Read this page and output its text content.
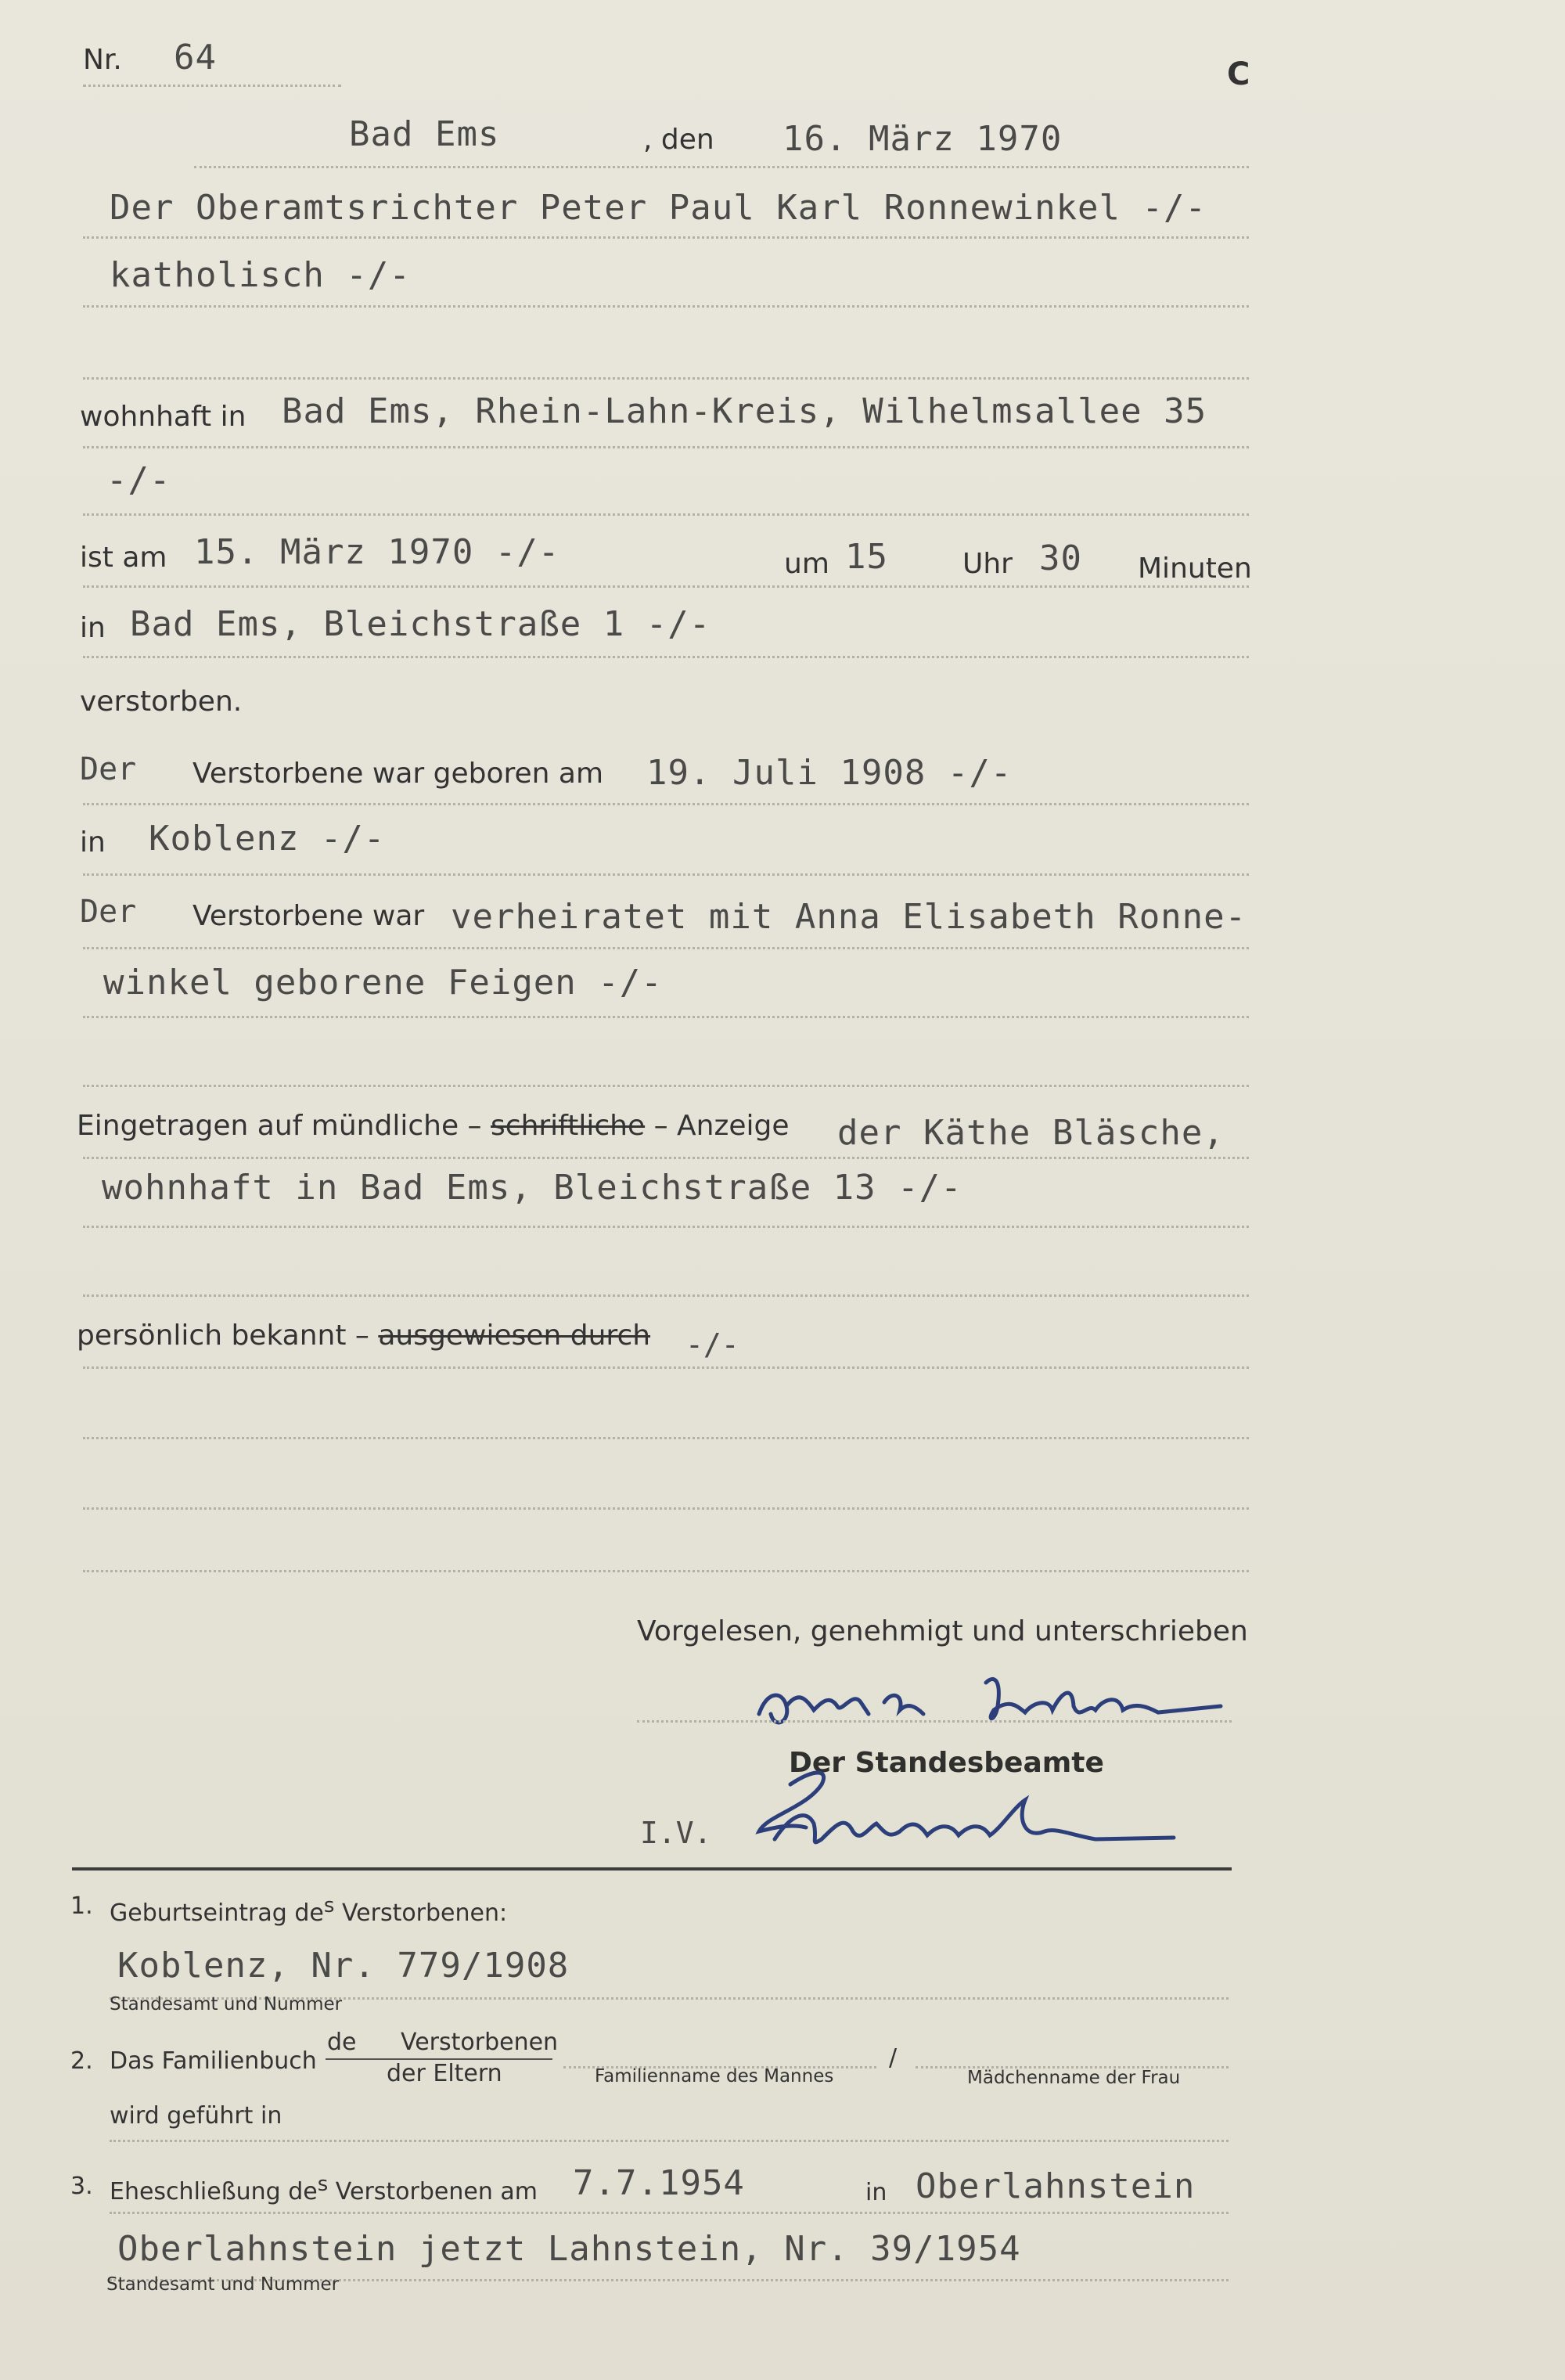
Nr. 64	C
Bad Ems	, den 16. März 1970
Der Oberamtsrichter Peter Paul Karl Ronnewinkel -/-
katholisch -/-
wohnhaft in Bad Ems, Rhein-Lahn-Kreis, Wilhelmsallee 35
-/-
ist am 15. März 1970 -/-	um 15	Uhr 30 Minuten
in Bad Ems, Bleichstraße 1 -/-
verstorben.
Der Verstorbene war geboren am 19. Juli 1908 -/-
in Koblenz -/-
Der Verstorbene war verheiratet mit Anna Elisabeth Ronne-
winkel geborene Feigen -/-
Eingetragen auf mündliche – schriftliche – Anzeige der Käthe Bläsche,
wohnhaft in Bad Ems, Bleichstraße 13 -/-
persönlich bekannt – ausgewiesen durch -/-
Vorgelesen, genehmigt und unterschrieben
Der Standesbeamte
I.V.
1. Geburtseintrag $de^s$ Verstorbenen:
Koblenz, Nr. 779/1908
Standesamt und Nummer
2. Das Familienbuch
de Verstorbenen
der Eltern	Familienname des Mannes
/
Mädchenname der Frau
wird geführt in
3. Eheschließung $de^s$ Verstorbenen am 7.7.1954	in Oberlahnstein
Oberlahnstein jetzt Lahnstein, Nr. 39/1954
Standesamt und Nummer
